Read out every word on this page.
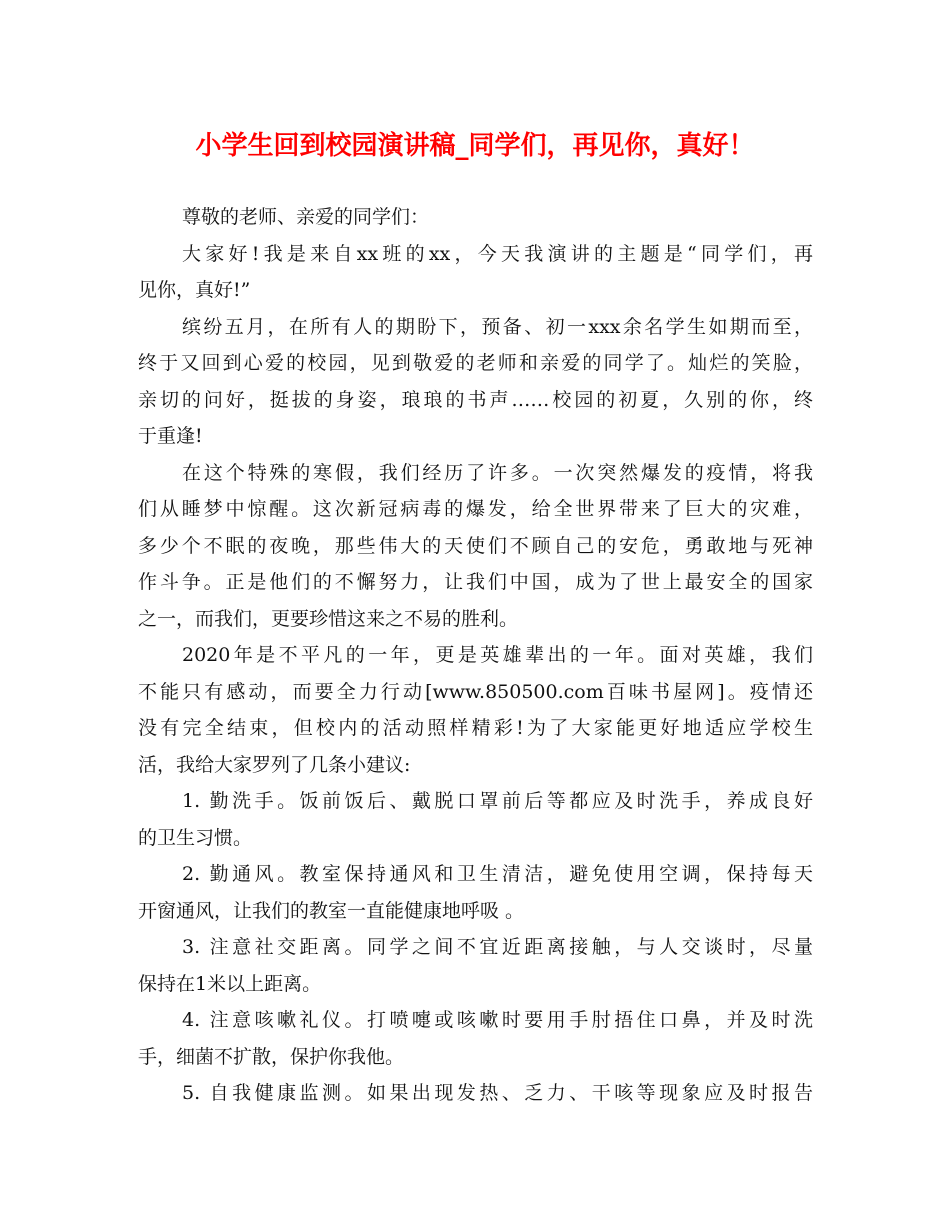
小学生回到校园演讲稿_同学们，再见你，真好！
尊敬的老师、亲爱的同学们：
大家好!我是来自xx班的xx，今天我演讲的主题是“同学们，再
见你，真好!”
缤纷五月，在所有人的期盼下，预备、初一xxx余名学生如期而至，
终于又回到心爱的校园，见到敬爱的老师和亲爱的同学了。灿烂的笑脸，
亲切的问好，挺拔的身姿，琅琅的书声……校园的初夏，久别的你，终
于重逢!
在这个特殊的寒假，我们经历了许多。一次突然爆发的疫情，将我
们从睡梦中惊醒。这次新冠病毒的爆发，给全世界带来了巨大的灾难，
多少个不眠的夜晚，那些伟大的天使们不顾自己的安危，勇敢地与死神
作斗争。正是他们的不懈努力，让我们中国，成为了世上最安全的国家
之一，而我们，更要珍惜这来之不易的胜利。
2020年是不平凡的一年，更是英雄辈出的一年。面对英雄，我们
不能只有感动，而要全力行动[www.850500.com百味书屋网]。疫情还
没有完全结束，但校内的活动照样精彩!为了大家能更好地适应学校生
活，我给大家罗列了几条小建议:
1. 勤洗手。饭前饭后、戴脱口罩前后等都应及时洗手，养成良好
的卫生习惯。
2. 勤通风。教室保持通风和卫生清洁，避免使用空调，保持每天
开窗通风，让我们的教室一直能健康地呼吸 。
3. 注意社交距离。同学之间不宜近距离接触，与人交谈时，尽量
保持在1米以上距离。
4. 注意咳嗽礼仪。打喷嚏或咳嗽时要用手肘捂住口鼻，并及时洗
手，细菌不扩散，保护你我他。
5. 自我健康监测。如果出现发热、乏力、干咳等现象应及时报告
